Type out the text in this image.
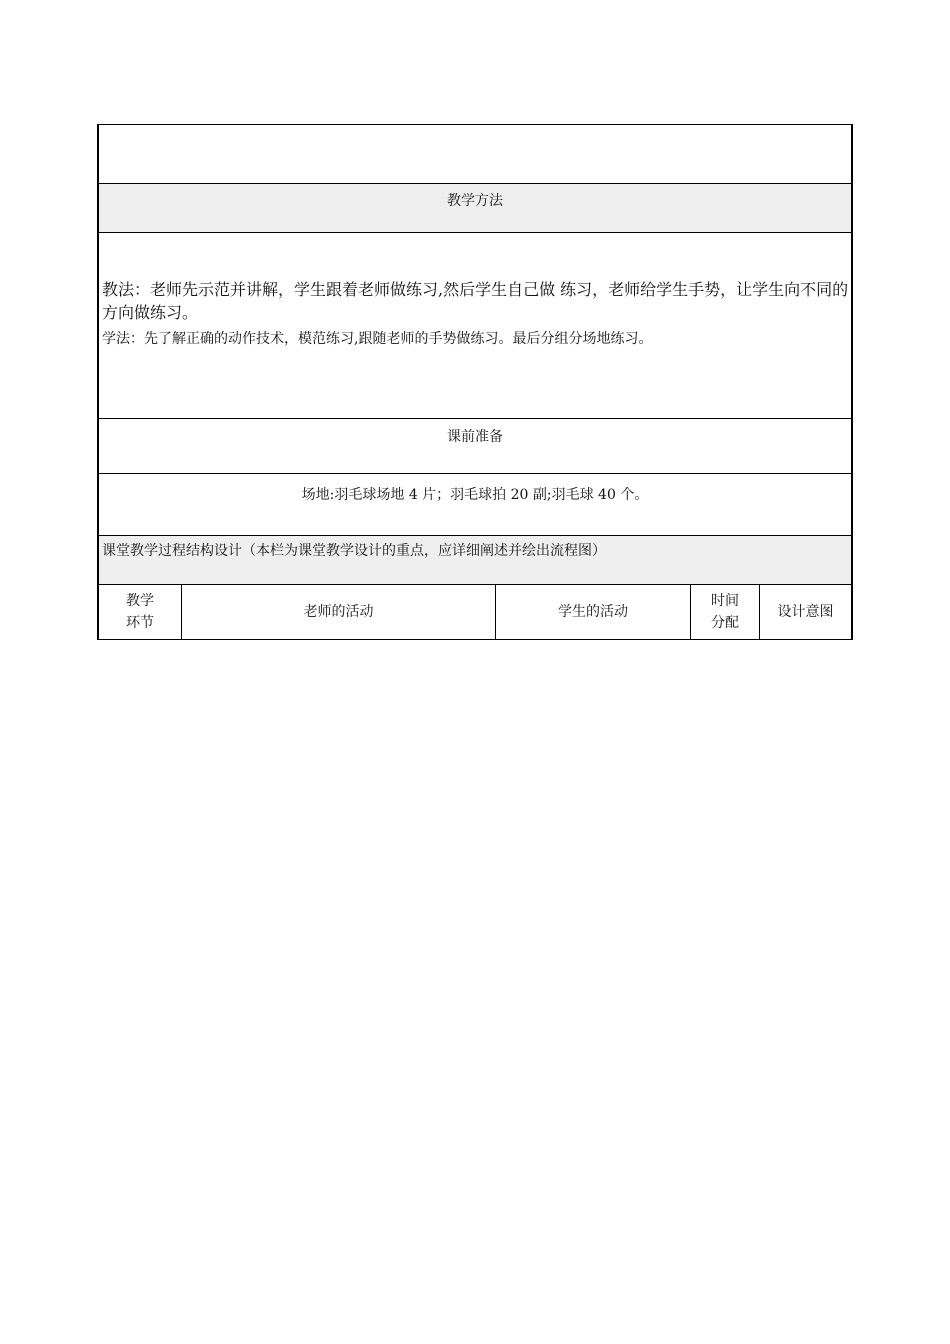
教学方法
教法：老师先示范并讲解，学生跟着老师做练习,然后学生自己做 练习，老师给学生手势，让学生向不同的方向做练习。
学法：先了解正确的动作技术，模范练习,跟随老师的手势做练习。最后分组分场地练习。
课前准备
场地:羽毛球场地 4 片；羽毛球拍 20 副;羽毛球 40 个。
课堂教学过程结构设计（本栏为课堂教学设计的重点，应详细阐述并绘出流程图）
教学
环节
老师的活动	学生的活动
时间
分配
设计意图
